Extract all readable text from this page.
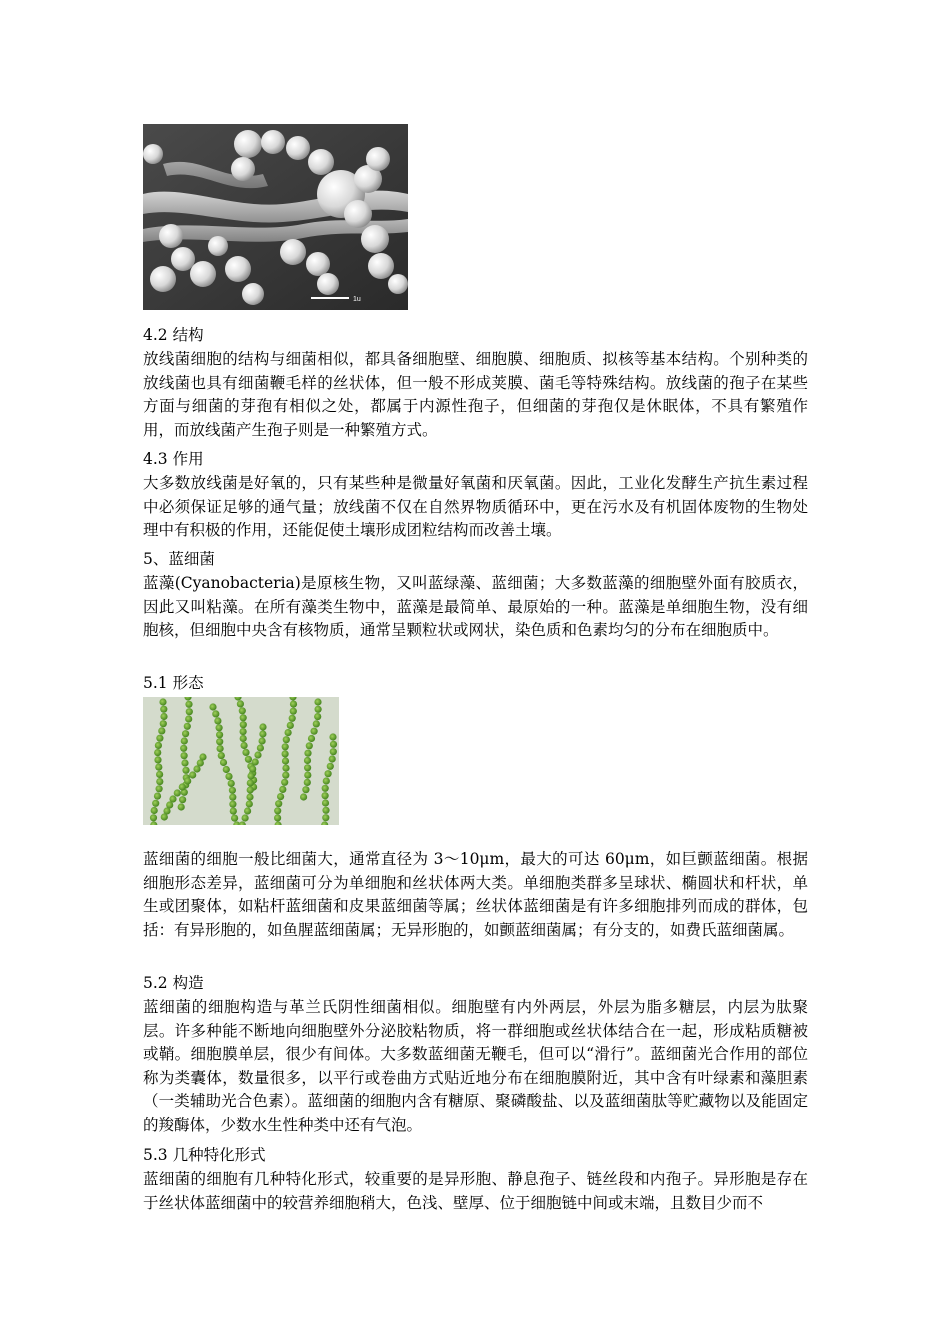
1u
4.2 结构
放线菌细胞的结构与细菌相似，都具备细胞壁、细胞膜、细胞质、拟核等基本结构。个别种类的放线菌也具有细菌鞭毛样的丝状体，但一般不形成荚膜、菌毛等特殊结构。放线菌的孢子在某些方面与细菌的芽孢有相似之处，都属于内源性孢子，但细菌的芽孢仅是休眠体，不具有繁殖作用，而放线菌产生孢子则是一种繁殖方式。
4.3 作用
大多数放线菌是好氧的，只有某些种是微量好氧菌和厌氧菌。因此，工业化发酵生产抗生素过程中必须保证足够的通气量；放线菌不仅在自然界物质循环中，更在污水及有机固体废物的生物处理中有积极的作用，还能促使土壤形成团粒结构而改善土壤。
5、蓝细菌
蓝藻(Cyanobacteria)是原核生物，又叫蓝绿藻、蓝细菌；大多数蓝藻的细胞壁外面有胶质衣，因此又叫粘藻。在所有藻类生物中，蓝藻是最简单、最原始的一种。蓝藻是单细胞生物，没有细胞核，但细胞中央含有核物质，通常呈颗粒状或网状，染色质和色素均匀的分布在细胞质中。
5.1 形态
蓝细菌的细胞一般比细菌大，通常直径为 3～10μm，最大的可达 60μm，如巨颤蓝细菌。根据细胞形态差异，蓝细菌可分为单细胞和丝状体两大类。单细胞类群多呈球状、椭圆状和杆状，单生或团聚体，如粘杆蓝细菌和皮果蓝细菌等属；丝状体蓝细菌是有许多细胞排列而成的群体，包括：有异形胞的，如鱼腥蓝细菌属；无异形胞的，如颤蓝细菌属；有分支的，如费氏蓝细菌属。
5.2 构造
蓝细菌的细胞构造与革兰氏阴性细菌相似。细胞壁有内外两层，外层为脂多糖层，内层为肽聚层。许多种能不断地向细胞壁外分泌胶粘物质，将一群细胞或丝状体结合在一起，形成粘质糖被或鞘。细胞膜单层，很少有间体。大多数蓝细菌无鞭毛，但可以“滑行”。蓝细菌光合作用的部位称为类囊体，数量很多，以平行或卷曲方式贴近地分布在细胞膜附近，其中含有叶绿素和藻胆素（一类辅助光合色素）。蓝细菌的细胞内含有糖原、聚磷酸盐、以及蓝细菌肽等贮藏物以及能固定的羧酶体，少数水生性种类中还有气泡。
5.3 几种特化形式
蓝细菌的细胞有几种特化形式，较重要的是异形胞、静息孢子、链丝段和内孢子。异形胞是存在于丝状体蓝细菌中的较营养细胞稍大，色浅、壁厚、位于细胞链中间或末端，且数目少而不
